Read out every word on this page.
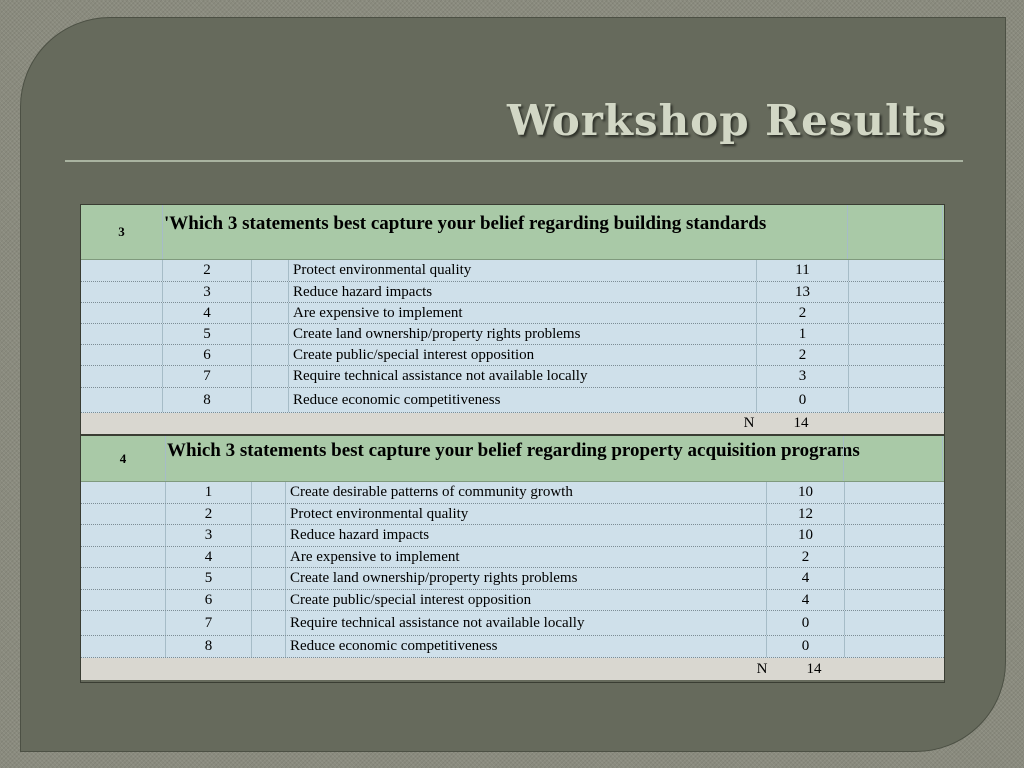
Workshop Results
3	'Which 3 statements best capture your belief regarding building standards
2	Protect environmental quality	11
3	Reduce hazard impacts	13
4	Are expensive to implement	2
5	Create land ownership/property rights problems	1
6	Create public/special interest opposition	2
7	Require technical assistance not available locally	3
8	Reduce economic competitiveness	0
N	14
4	Which 3 statements best capture your belief regarding property acquisition programs
1	Create desirable patterns of community growth	10
2	Protect environmental quality	12
3	Reduce hazard impacts	10
4	Are expensive to implement	2
5	Create land ownership/property rights problems	4
6	Create public/special interest opposition	4
7	Require technical assistance not available locally	0
8	Reduce economic competitiveness	0
N	14
